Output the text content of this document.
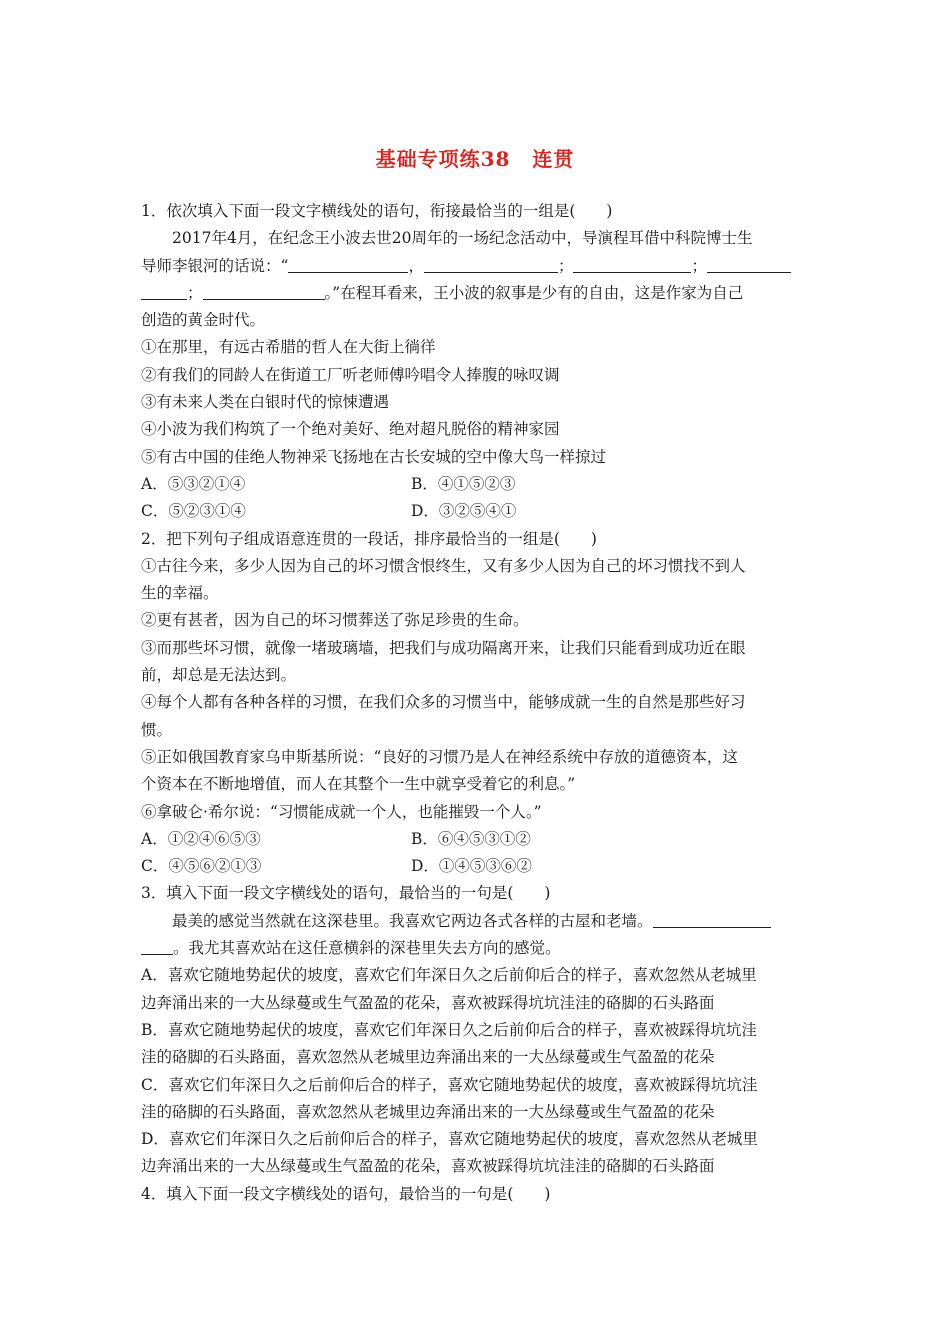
基础专项练38 连贯
1．依次填入下面一段文字横线处的语句，衔接最恰当的一组是(　　)
2017年4月，在纪念王小波去世20周年的一场纪念活动中，导演程耳借中科院博士生
导师李银河的话说：“	，	；	；
；	。”在程耳看来，王小波的叙事是少有的自由，这是作家为自己
创造的黄金时代。
①在那里，有远古希腊的哲人在大街上徜徉
②有我们的同龄人在街道工厂听老师傅吟唱令人捧腹的咏叹调
③有未来人类在白银时代的惊悚遭遇
④小波为我们构筑了一个绝对美好、绝对超凡脱俗的精神家园
⑤有古中国的佳绝人物神采飞扬地在古长安城的空中像大鸟一样掠过
A．⑤③②①④	B．④①⑤②③
C．⑤②③①④	D．③②⑤④①
2．把下列句子组成语意连贯的一段话，排序最恰当的一组是(　　)
①古往今来，多少人因为自己的坏习惯含恨终生，又有多少人因为自己的坏习惯找不到人
生的幸福。
②更有甚者，因为自己的坏习惯葬送了弥足珍贵的生命。
③而那些坏习惯，就像一堵玻璃墙，把我们与成功隔离开来，让我们只能看到成功近在眼
前，却总是无法达到。
④每个人都有各种各样的习惯，在我们众多的习惯当中，能够成就一生的自然是那些好习
惯。
⑤正如俄国教育家乌申斯基所说：“良好的习惯乃是人在神经系统中存放的道德资本，这
个资本在不断地增值，而人在其整个一生中就享受着它的利息。”
⑥拿破仑·希尔说：“习惯能成就一个人，也能摧毁一个人。”
A．①②④⑥⑤③	B．⑥④⑤③①②
C．④⑤⑥②①③	D．①④⑤③⑥②
3．填入下面一段文字横线处的语句，最恰当的一句是(　　)
最美的感觉当然就在这深巷里。我喜欢它两边各式各样的古屋和老墙。
。我尤其喜欢站在这任意横斜的深巷里失去方向的感觉。
A．喜欢它随地势起伏的坡度，喜欢它们年深日久之后前仰后合的样子，喜欢忽然从老城里
边奔涌出来的一大丛绿蔓或生气盈盈的花朵，喜欢被踩得坑坑洼洼的硌脚的石头路面
B．喜欢它随地势起伏的坡度，喜欢它们年深日久之后前仰后合的样子，喜欢被踩得坑坑洼
洼的硌脚的石头路面，喜欢忽然从老城里边奔涌出来的一大丛绿蔓或生气盈盈的花朵
C．喜欢它们年深日久之后前仰后合的样子，喜欢它随地势起伏的坡度，喜欢被踩得坑坑洼
洼的硌脚的石头路面，喜欢忽然从老城里边奔涌出来的一大丛绿蔓或生气盈盈的花朵
D．喜欢它们年深日久之后前仰后合的样子，喜欢它随地势起伏的坡度，喜欢忽然从老城里
边奔涌出来的一大丛绿蔓或生气盈盈的花朵，喜欢被踩得坑坑洼洼的硌脚的石头路面
4．填入下面一段文字横线处的语句，最恰当的一句是(　　)
